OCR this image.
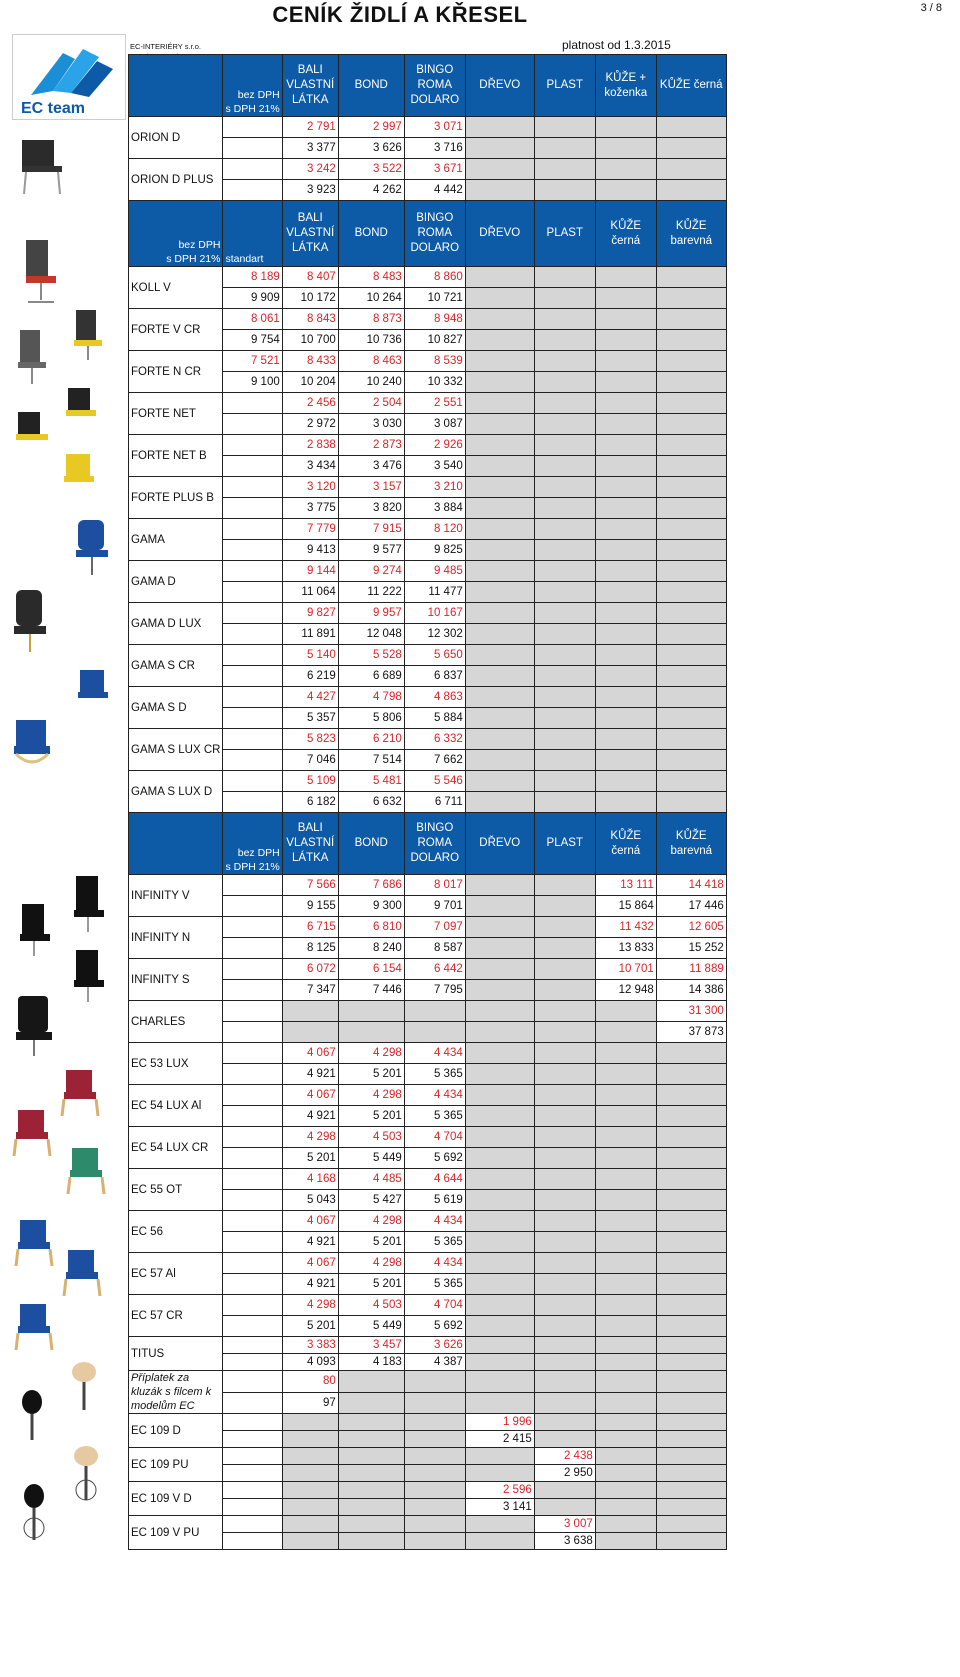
CENÍK ŽIDLÍ A KŘESEL	3 / 8
platnost od 1.3.2015
EC team
EC-INTERIÉRY s.r.o.

	bez DPH
s DPH 21%	BALI VLASTNÍ LÁTKA	BOND	BINGO ROMA DOLARO	DŘEVO	PLAST	KŮŽE + koženka	KŮŽE černá

ORION D		2 791	2 997	3 071				
		3 377	3 626	3 716				
ORION D PLUS		3 242	3 522	3 671				
		3 923	4 262	4 442				

bez DPH
s DPH 21%	standart	BALI VLASTNÍ LÁTKA	BOND	BINGO ROMA DOLARO	DŘEVO	PLAST	KŮŽE černá	KŮŽE barevná

KOLL V	8 189	8 407	8 483	8 860				
	9 909	10 172	10 264	10 721				
FORTE V CR	8 061	8 843	8 873	8 948				
	9 754	10 700	10 736	10 827				
FORTE N CR	7 521	8 433	8 463	8 539				
	9 100	10 204	10 240	10 332				
FORTE NET		2 456	2 504	2 551				
		2 972	3 030	3 087				
FORTE NET B		2 838	2 873	2 926				
		3 434	3 476	3 540				
FORTE PLUS B		3 120	3 157	3 210				
		3 775	3 820	3 884				
GAMA		7 779	7 915	8 120				
		9 413	9 577	9 825				
GAMA D		9 144	9 274	9 485				
		11 064	11 222	11 477				
GAMA D LUX		9 827	9 957	10 167				
		11 891	12 048	12 302				
GAMA S CR		5 140	5 528	5 650				
		6 219	6 689	6 837				
GAMA S D		4 427	4 798	4 863				
		5 357	5 806	5 884				
GAMA S LUX CR		5 823	6 210	6 332				
		7 046	7 514	7 662				
GAMA S LUX D		5 109	5 481	5 546				
		6 182	6 632	6 711				

	bez DPH
s DPH 21%	BALI VLASTNÍ LÁTKA	BOND	BINGO ROMA DOLARO	DŘEVO	PLAST	KŮŽE černá	KŮŽE barevná

INFINITY V		7 566	7 686	8 017			13 111	14 418
		9 155	9 300	9 701			15 864	17 446
INFINITY N		6 715	6 810	7 097			11 432	12 605
		8 125	8 240	8 587			13 833	15 252
INFINITY S		6 072	6 154	6 442			10 701	11 889
		7 347	7 446	7 795			12 948	14 386
CHARLES								31 300
								37 873
EC 53 LUX		4 067	4 298	4 434				
		4 921	5 201	5 365				
EC 54 LUX Al		4 067	4 298	4 434				
		4 921	5 201	5 365				
EC 54 LUX CR		4 298	4 503	4 704				
		5 201	5 449	5 692				
EC 55 OT		4 168	4 485	4 644				
		5 043	5 427	5 619				
EC 56		4 067	4 298	4 434				
		4 921	5 201	5 365				
EC 57 Al		4 067	4 298	4 434				
		4 921	5 201	5 365				
EC 57 CR		4 298	4 503	4 704				
		5 201	5 449	5 692				
TITUS		3 383	3 457	3 626				
		4 093	4 183	4 387				
Příplatek za kluzák s filcem k modelům EC		80						
		97						
EC 109 D					1 996			
					2 415			
EC 109 PU						2 438		
						2 950		
EC 109 V D					2 596			
					3 141			
EC 109 V PU						3 007		
						3 638		
